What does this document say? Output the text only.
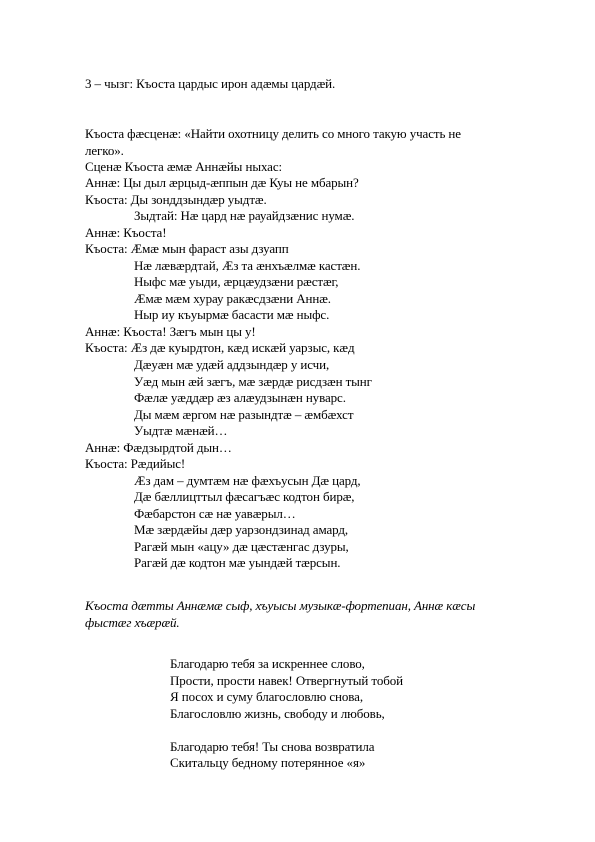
3 – чызг: Къоста цардыс ирон адӕмы цардӕй.
Къоста фӕсценӕ: «Найти охотницу делить со много такую участь не
легко».
Сценӕ Къоста ӕмӕ Аннӕйы ныхас:
Аннӕ: Цы дыл ӕрцыд-ӕппын дӕ Куы не мбарын?
Къоста: Ды зонддзындӕр уыдтӕ.
Зыдтай: Нӕ цард нӕ рауайдзӕнис нумӕ.
Аннӕ: Къоста!
Къоста: Ӕмӕ мын фараст азы дзуапп
Нӕ лӕвӕрдтай, Ӕз та ӕнхъӕлмӕ кастӕн.
Ныфс мӕ уыди, ӕрцӕудзӕни рӕстӕг,
Ӕмӕ мӕм хурау ракӕсдзӕни Аннӕ.
Ныр иу къуырмӕ басасти мӕ ныфс.
Аннӕ: Къоста! Зӕгъ мын цы у!
Къоста: Ӕз дӕ куырдтон, кӕд искӕй уарзыс, кӕд
Дӕуӕн мӕ удӕй аддзындӕр у исчи,
Уӕд мын ӕй зӕгъ, мӕ зӕрдӕ рисдзӕн тынг
Фӕлӕ уӕддӕр ӕз алӕудзынӕн нуварс.
Ды мӕм ӕргом нӕ разындтӕ – ӕмбӕхст
Уыдтӕ мӕнӕй…
Аннӕ: Фӕдзырдтой дын…
Къоста: Рӕдийыс!
Ӕз дам – думтӕм нӕ фӕхъусын Дӕ цард,
Дӕ бӕллицттыл фӕсагъӕс кодтон бирӕ,
Фӕбарстон сӕ нӕ уавӕрыл…
Мӕ зӕрдӕйы дӕр уарзондзинад амард,
Рагӕй мын «ацу» дӕ цӕстӕнгас дзуры,
Рагӕй дӕ кодтон мӕ уындӕй тӕрсын.
Къоста дӕтты Аннӕмӕ сыф, хъуысы музыкӕ-фортепиан, Аннӕ кӕсы
фыстӕг хъӕрӕй.
Благодарю тебя за искреннее слово,
Прости, прости навек! Отвергнутый тобой
Я посох и суму благословлю снова,
Благословлю жизнь, свободу и любовь,
Благодарю тебя! Ты снова возвратила
Скитальцу бедному потерянное «я»
